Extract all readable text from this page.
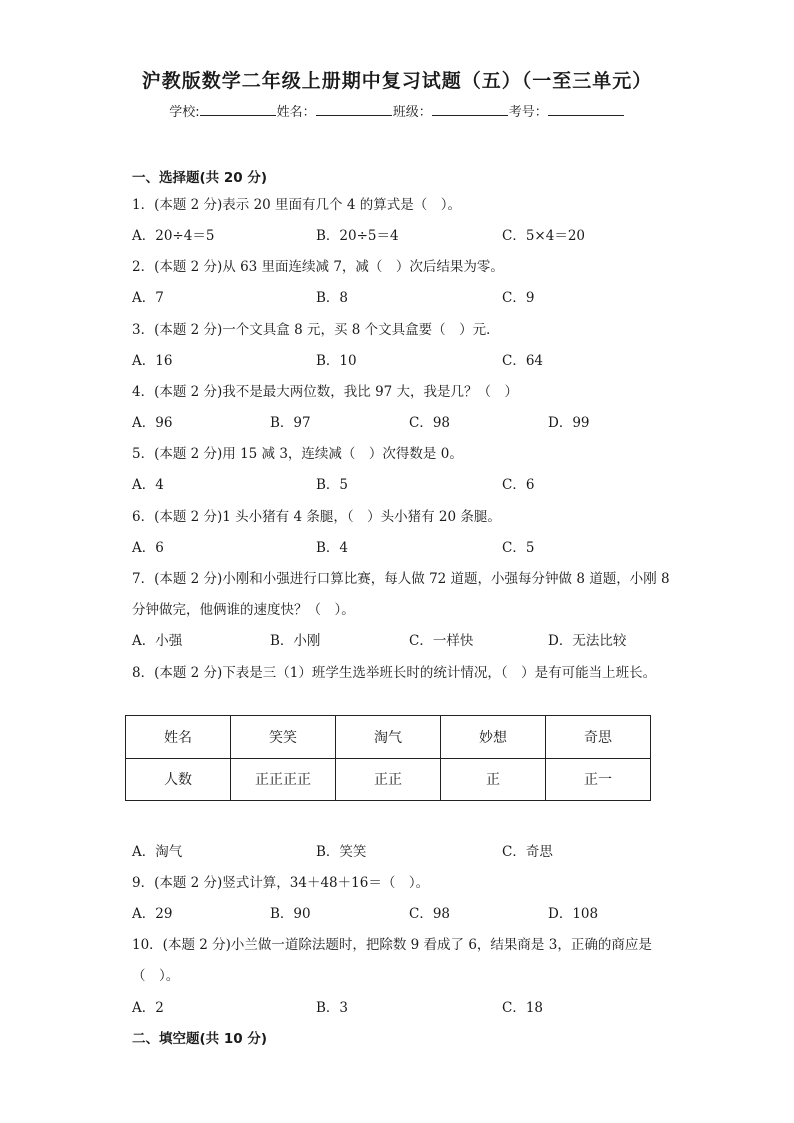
沪教版数学二年级上册期中复习试题（五）（一至三单元）
学校:	姓名：	班级：	考号：
一、选择题(共 20 分)
1．(本题 2 分)表示 20 里面有几个 4 的算式是（　）。
A．20÷4＝5	B．20÷5＝4	C．5×4＝20
2．(本题 2 分)从 63 里面连续减 7，减（　）次后结果为零。
A．7	B．8	C．9
3．(本题 2 分)一个文具盒 8 元，买 8 个文具盒要（　）元．
A．16	B．10	C．64
4．(本题 2 分)我不是最大两位数，我比 97 大，我是几？（　）
A．96	B．97	C．98	D．99
5．(本题 2 分)用 15 减 3，连续减（　）次得数是 0。
A．4	B．5	C．6
6．(本题 2 分)1 头小猪有 4 条腿，（　）头小猪有 20 条腿。
A．6	B．4	C．5
7．(本题 2 分)小刚和小强进行口算比赛，每人做 72 道题，小强每分钟做 8 道题，小刚 8
分钟做完，他俩谁的速度快？（　）。
A．小强	B．小刚	C．一样快	D．无法比较
8．(本题 2 分)下表是三（1）班学生选举班长时的统计情况，（　）是有可能当上班长。
姓名	笑笑	淘气	妙想	奇思
人数	正正正正	正正	正	正一
A．淘气	B．笑笑	C．奇思
9．(本题 2 分)竖式计算，34＋48＋16＝（　）。
A．29	B．90	C．98	D．108
10．(本题 2 分)小兰做一道除法题时，把除数 9 看成了 6，结果商是 3，正确的商应是
（　）。
A．2	B．3	C．18
二、填空题(共 10 分)
